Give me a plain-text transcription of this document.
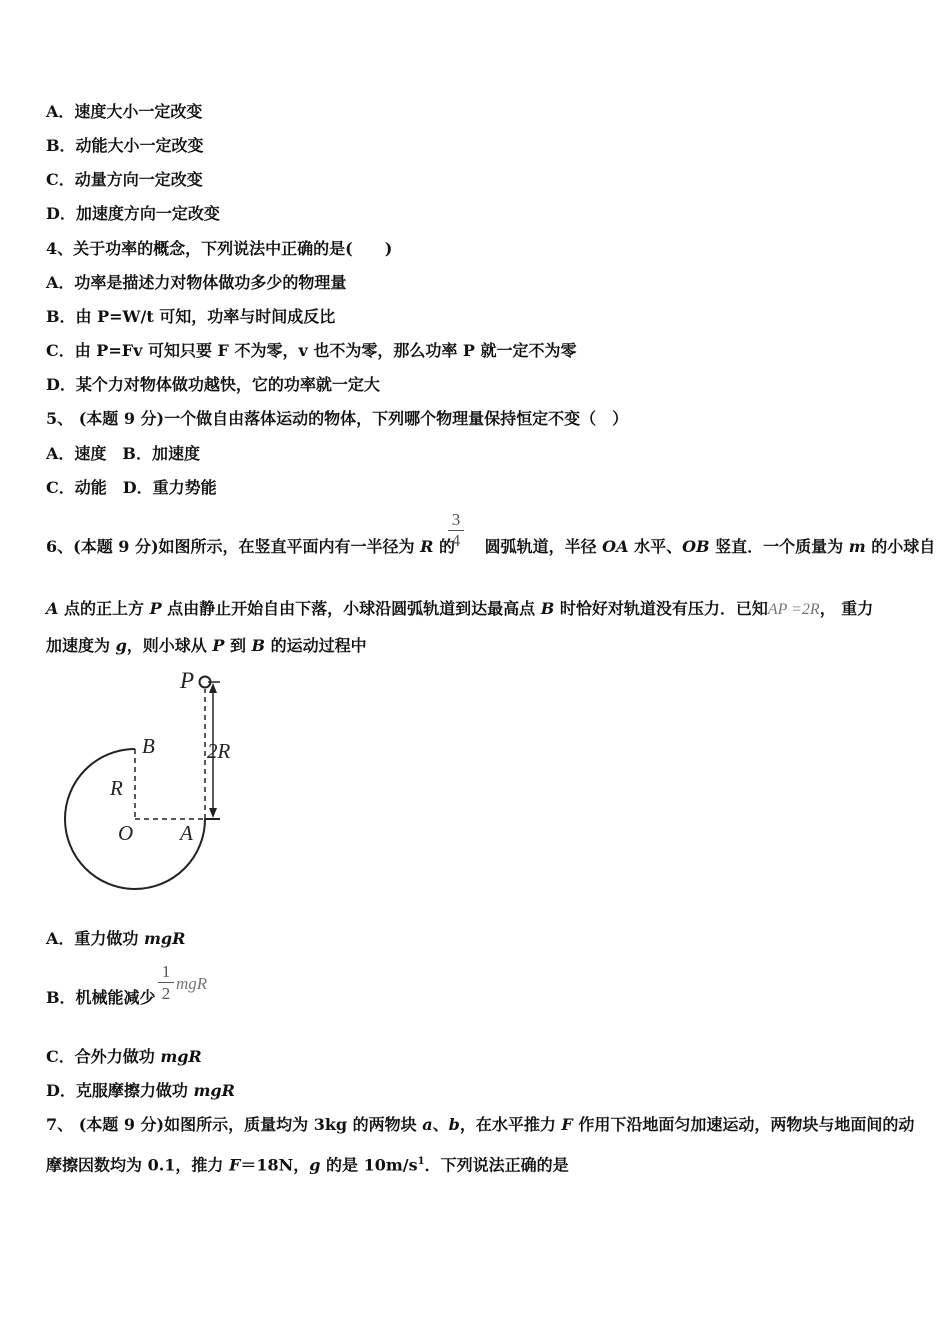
A．速度大小一定改变
B．动能大小一定改变
C．动量方向一定改变
D．加速度方向一定改变
4、关于功率的概念，下列说法中正确的是(　　)
A．功率是描述力对物体做功多少的物理量
B．由 P=W/t 可知，功率与时间成反比
C．由 P=Fv 可知只要 F 不为零，v 也不为零，那么功率 P 就一定不为零
D．某个力对物体做功越快，它的功率就一定大
5、 (本题 9 分)一个做自由落体运动的物体，下列哪个物理量保持恒定不变（　）
A．速度　B．加速度
C．动能　D．重力势能
6、(本题 9 分)如图所示，在竖直平面内有一半径为 R 的 圆弧轨道，半径 OA 水平、OB 竖直．一个质量为 m 的小球自
$\frac{3}{4}$
A 点的正上方 P 点由静止开始自由下落，小球沿圆弧轨道到达最高点 B 时恰好对轨道没有压力．已知AP =2R， 重力
加速度为 g，则小球从 P 到 B 的运动过程中
P
B
R
2R
O A
A．重力做功 mgR
B．机械能减少 $\frac{1}{2}$ mgR
C．合外力做功 mgR
D．克服摩擦力做功 mgR
7、 (本题 9 分)如图所示，质量均为 3kg 的两物块 a、b，在水平推力 F 作用下沿地面匀加速运动，两物块与地面间的动
摩擦因数均为 0.1，推力 F＝18N，g 的是 $10m/s^1$．下列说法正确的是
